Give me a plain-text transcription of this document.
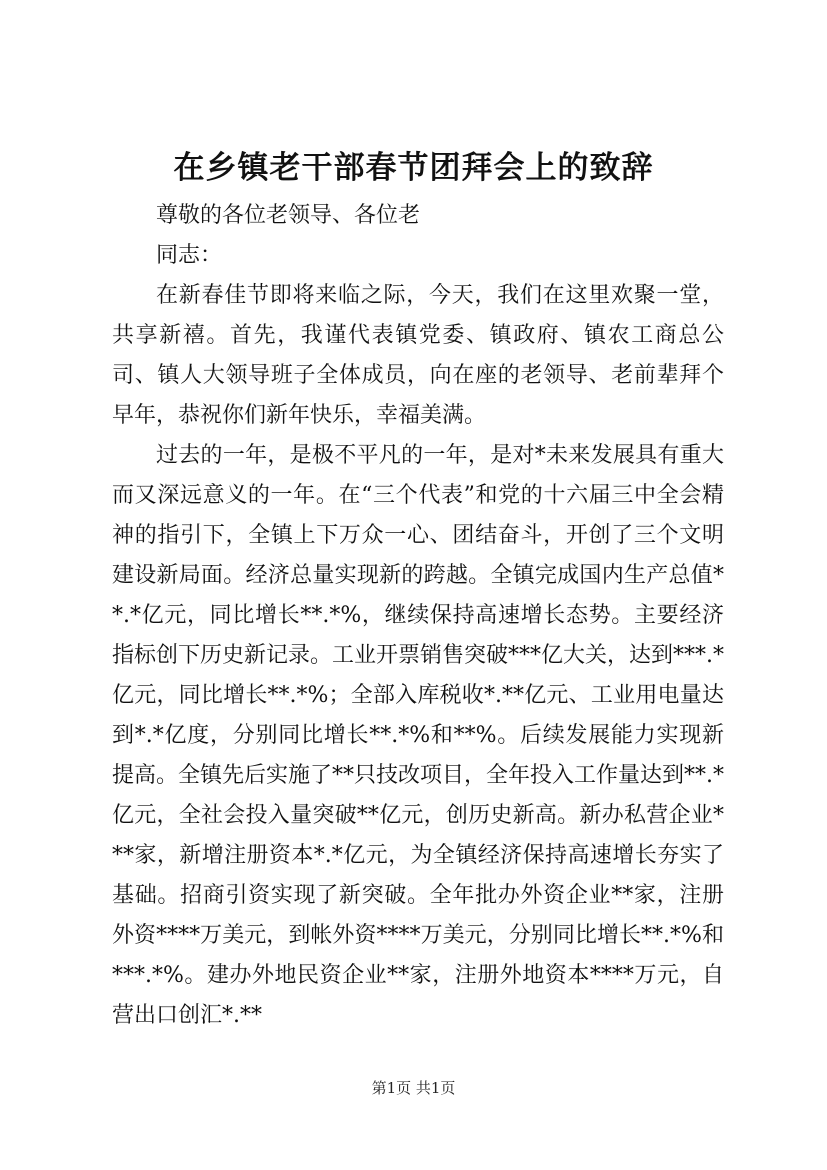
在乡镇老干部春节团拜会上的致辞

尊敬的各位老领导、各位老

同志：

在新春佳节即将来临之际，今天，我们在这里欢聚一堂，共享新禧。首先，我谨代表镇党委、镇政府、镇农工商总公司、镇人大领导班子全体成员，向在座的老领导、老前辈拜个早年，恭祝你们新年快乐，幸福美满。

过去的一年，是极不平凡的一年，是对*未来发展具有重大而又深远意义的一年。在“三个代表”和党的十六届三中全会精神的指引下，全镇上下万众一心、团结奋斗，开创了三个文明建设新局面。经济总量实现新的跨越。全镇完成国内生产总值**.*亿元，同比增长**.*%，继续保持高速增长态势。主要经济指标创下历史新记录。工业开票销售突破***亿大关，达到***.*亿元，同比增长**.*%；全部入库税收*.**亿元、工业用电量达到*.*亿度，分别同比增长**.*%和**%。后续发展能力实现新提高。全镇先后实施了**只技改项目，全年投入工作量达到**.*亿元，全社会投入量突破**亿元，创历史新高。新办私营企业***家，新增注册资本*.*亿元，为全镇经济保持高速增长夯实了基础。招商引资实现了新突破。全年批办外资企业**家，注册外资****万美元，到帐外资****万美元，分别同比增长**.*%和***.*%。建办外地民资企业**家，注册外地资本****万元，自营出口创汇*.**

第1页 共1页
